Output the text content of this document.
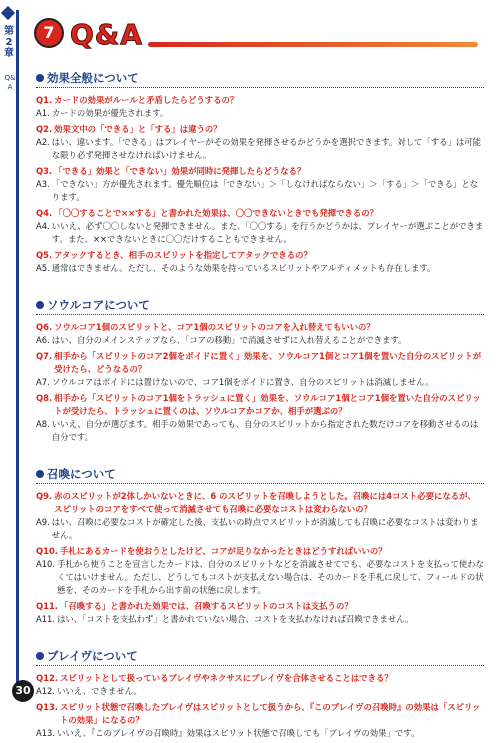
第2章
Q&A
7 Q&A
効果全般について
Q1. カードの効果がルールと矛盾したらどうするの？
A1. カードの効果が優先されます。
Q2. 効果文中の「できる」と「する」は違うの？
A2. はい、違います。「できる」はプレイヤーがその効果を発揮させるかどうかを選択できます。対して「する」は可能な限り必ず発揮させなければいけません。
Q3. 「できる」効果と「できない」効果が同時に発揮したらどうなる？
A3. 「できない」方が優先されます。優先順位は「できない」＞「しなければならない」＞「する」＞「できる」となります。
Q4. 「〇〇することで××する」と書かれた効果は、〇〇できないときでも発揮できるの？
A4. いいえ、必ず〇〇しないと発揮できません。また、「〇〇する」を行うかどうかは、プレイヤーが選ぶことができます。また、××できないときに〇〇だけすることもできません。
Q5. アタックするとき、相手のスピリットを指定してアタックできるの？
A5. 通常はできません。ただし、そのような効果を持っているスピリットやアルティメットも存在します。
ソウルコアについて
Q6. ソウルコア1個のスピリットと、コア1個のスピリットのコアを入れ替えてもいいの？
A6. はい、自分のメインステップなら、「コアの移動」で消滅させずに入れ替えることができます。
Q7. 相手から「スピリットのコア2個をボイドに置く」効果を、ソウルコア1個とコア1個を置いた自分のスピリットが受けたら、どうなるの？
A7. ソウルコアはボイドには置けないので、コア1個をボイドに置き、自分のスピリットは消滅しません。
Q8. 相手から「スピリットのコア1個をトラッシュに置く」効果を、ソウルコア1個とコア1個を置いた自分のスピリットが受けたら、トラッシュに置くのは、ソウルコアかコアか、相手が選ぶの？
A8. いいえ、自分が選びます。相手の効果であっても、自分のスピリットから指定された数だけコアを移動させるのは自分です。
召喚について
Q9. 赤のスピリットが2体しかいないときに、6 のスピリットを召喚しようとした。召喚には4コスト必要になるが、スピリットのコアをすべて使って消滅させても召喚に必要なコストは変わらないの？
A9. はい、召喚に必要なコストが確定した後、支払いの時点でスピリットが消滅しても召喚に必要なコストは変わりません。
Q10. 手札にあるカードを使おうとしたけど、コアが足りなかったときはどうすればいいの？
A10. 手札から使うことを宣言したカードは、自分のスピリットなどを消滅させてでも、必要なコストを支払って使わなくてはいけません。ただし、どうしてもコストが支払えない場合は、そのカードを手札に戻して、フィールドの状態を、そのカードを手札から出す前の状態に戻します。
Q11. 「召喚する」と書かれた効果では、召喚するスピリットのコストは支払うの？
A11. はい、「コストを支払わず」と書かれていない場合、コストを支払わなければ召喚できません。
ブレイヴについて
Q12. スピリットとして扱っているブレイヴやネクサスにブレイヴを合体させることはできる？
A12. いいえ、できません。
Q13. スピリット状態で召喚したブレイヴはスピリットとして扱うから、『このブレイヴの召喚時』の効果は「スピリットの効果」になるの？
A13. いいえ、『このブレイヴの召喚時』効果はスピリット状態で召喚しても「ブレイヴの効果」です。
30
